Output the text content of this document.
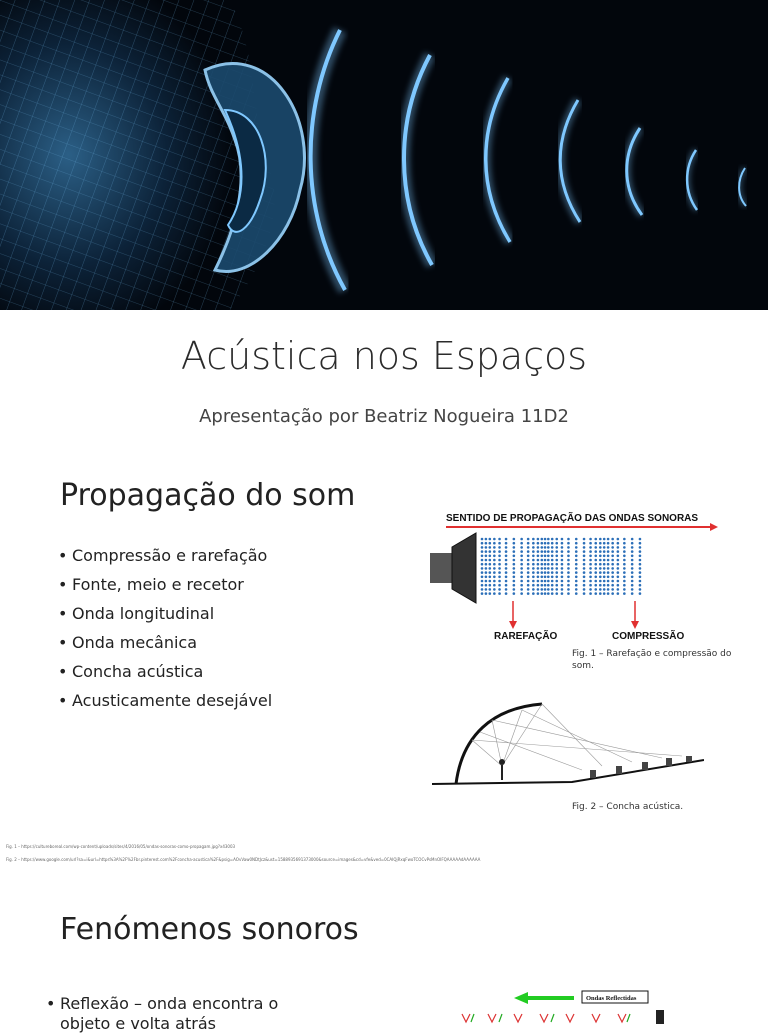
Acústica nos Espaços
Apresentação por Beatriz Nogueira 11D2
Propagação do som
• Compressão e rarefação
• Fonte, meio e recetor
• Onda longitudinal
• Onda mecânica
• Concha acústica
• Acusticamente desejável
SENTIDO DE PROPAGAÇÃO DAS ONDAS SONORAS
RAREFAÇÃO	COMPRESSÃO
Fig. 1 – Rarefação e compressão do som.
Fig. 2 – Concha acústica.
Fig. 1 – https://cultureboreal.com/wp-content/uploads/sites/4/2016/05/ondas-sonoras-como-propagam.jpg?x43003
Fig. 2 – https://www.google.com/url?sa=i&url=https%3A%2F%2Fbr.pinterest.com%2Fconcha-acustica%2F&psig=AOvVaw0NDtJcz&ust=1588935691373000&source=images&cd=vfe&ved=0CAIQjRxqFwoTCOCvPsMnOIFQAAAAAdAAAAAA
Fenómenos sonoros
• Reflexão – onda encontra o objeto e volta atrás
Ondas Reflectidas
